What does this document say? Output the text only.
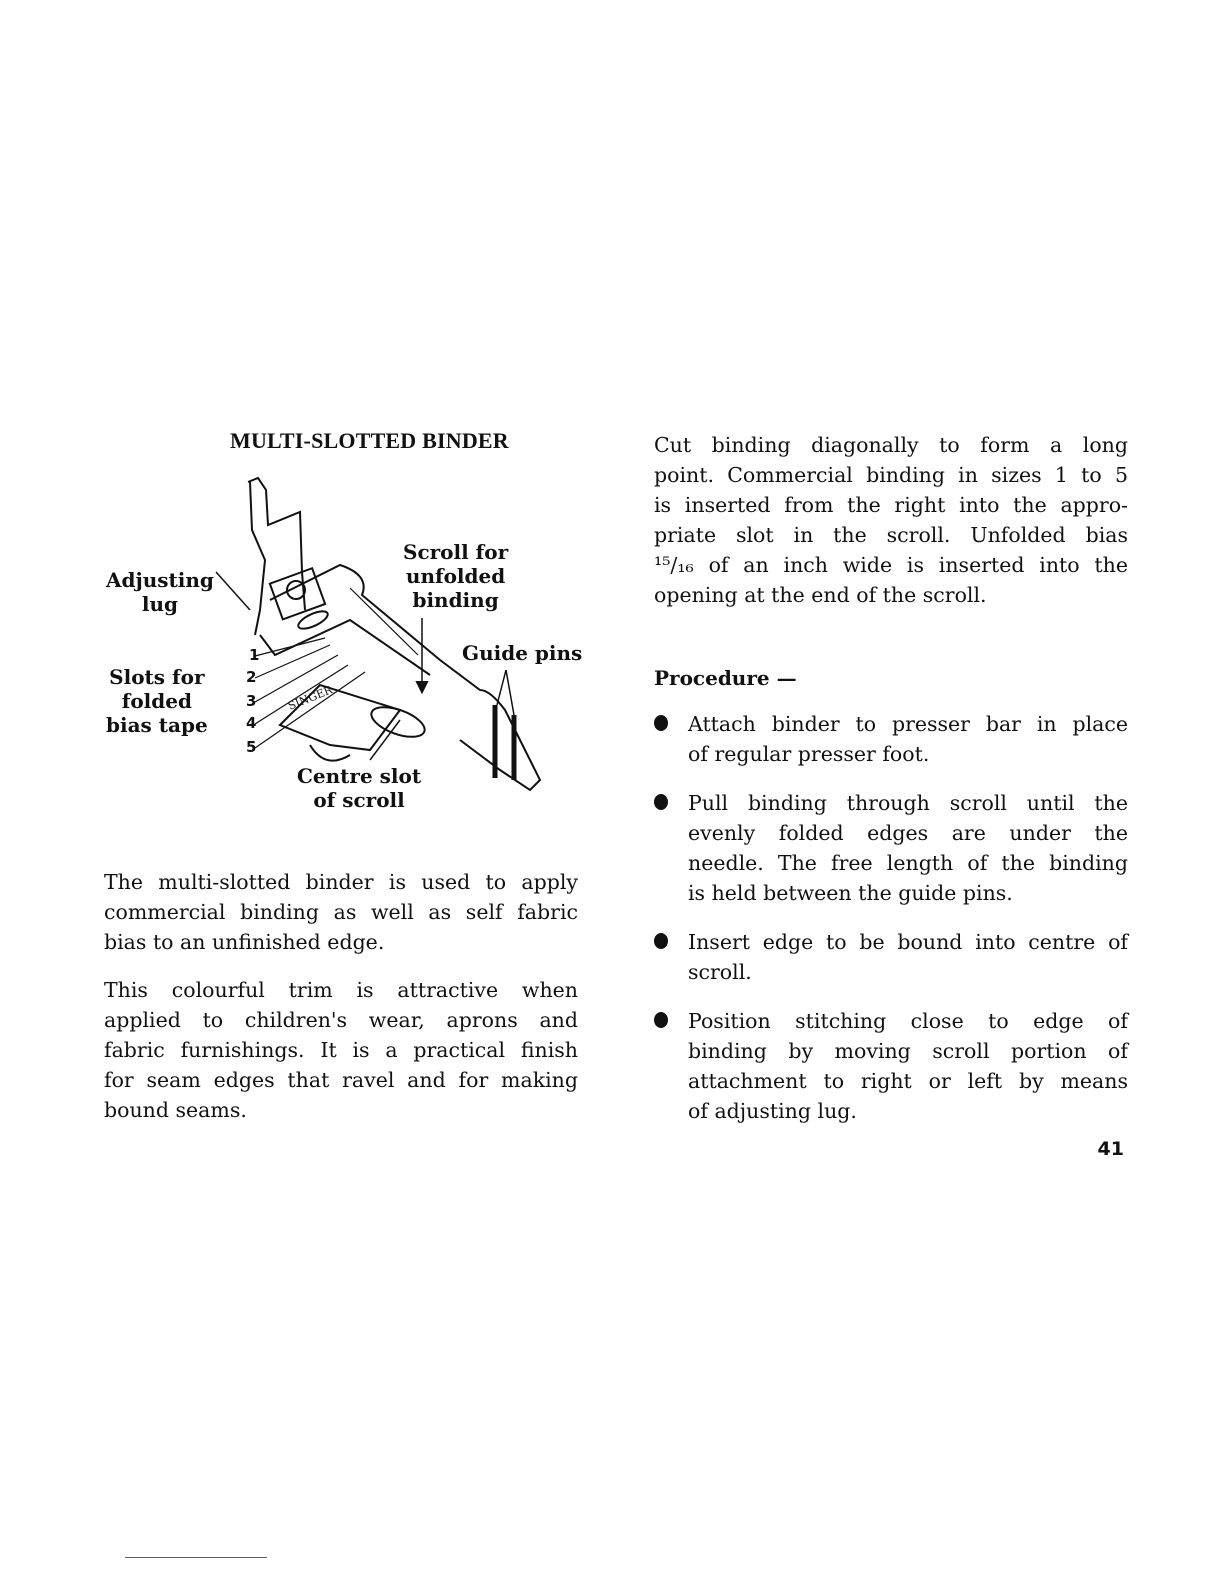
MULTI-SLOTTED BINDER
SINGER
Adjusting
lug
Slots for
folded
bias tape
Scroll for
unfolded
binding
Guide pins
Centre slot
of scroll
1
2
3
4
5
The multi-slotted binder is used to apply
commercial binding as well as self fabric
bias to an unfinished edge.
This colourful trim is attractive when
applied to children's wear, aprons and
fabric furnishings. It is a practical finish
for seam edges that ravel and for making
bound seams.
Cut binding diagonally to form a long
point. Commercial binding in sizes 1 to 5
is inserted from the right into the appro-
priate slot in the scroll. Unfolded bias
¹⁵/₁₆ of an inch wide is inserted into the
opening at the end of the scroll.
Procedure —
Attach binder to presser bar in place
of regular presser foot.
Pull binding through scroll until the
evenly folded edges are under the
needle. The free length of the binding
is held between the guide pins.
Insert edge to be bound into centre of
scroll.
Position stitching close to edge of
binding by moving scroll portion of
attachment to right or left by means
of adjusting lug.
41
